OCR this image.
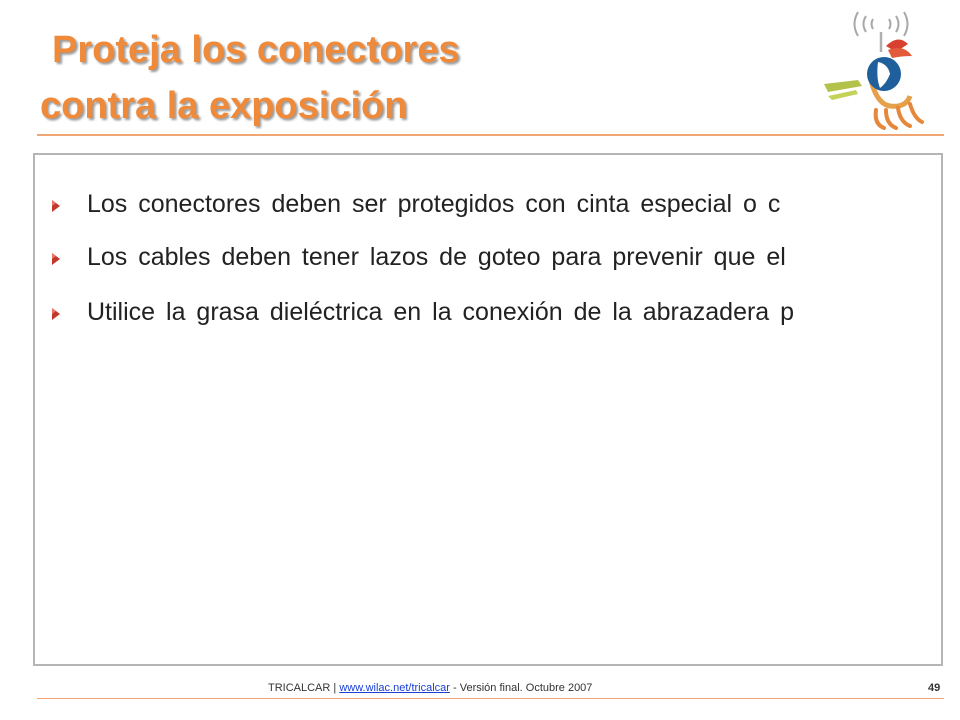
Proteja los conectores
contra la exposición
Los conectores deben ser protegidos con cinta especial o c
Los cables deben tener lazos de goteo para prevenir que el
Utilice la grasa dieléctrica en la conexión de la abrazadera p
TRICALCAR | www.wilac.net/tricalcar - Versión final. Octubre 2007	49
